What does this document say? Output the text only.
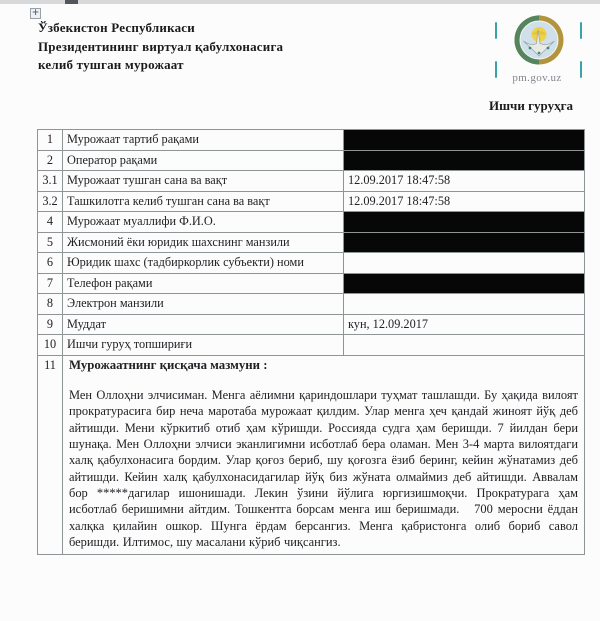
+
Ўзбекистон Республикаси
Президентининг виртуал қабулхонасига
келиб тушган мурожаат
pm.gov.uz
Ишчи гуруҳга
1	Мурожаат тартиб рақами	
2	Оператор рақами	
3.1	Мурожаат тушган сана ва вақт	12.09.2017 18:47:58
3.2	Ташкилотга келиб тушган сана ва вақт	12.09.2017 18:47:58
4	Мурожаат муаллифи Ф.И.О.	
5	Жисмоний ёки юридик шахснинг манзили	
6	Юридик шахс (тадбиркорлик субъекти) номи	
7	Телефон рақами	
8	Электрон манзили	
9	Муддат	кун, 12.09.2017
10	Ишчи гуруҳ топшириғи	
11	Мурожаатнинг қисқача мазмуни :

Мен Оллоҳни элчисиман. Менга аёлимни қариндошлари туҳмат ташлашди. Бу ҳақида вилоят прократурасига бир неча маротаба мурожаат қилдим. Улар менга ҳеч қандай жиноят йўқ деб айтишди. Мени кўркитиб отиб ҳам кўришди. Россияда судга ҳам беришди. 7 йилдан бери шунақа. Мен Оллоҳни элчиси эканлигимни исботлаб бера оламан. Мен 3-4 марта вилоятдаги халқ қабулхонасига бордим. Улар қоғоз бериб, шу қоғозга ёзиб беринг, кейин жўнатамиз деб айтишди. Кейин халқ қабулхонасидагилар йўқ биз жўната олмаймиз деб айтишди. Аввалам бор *****дагилар ишонишади. Лекин ўзини йўлига юргизишмоқчи. Прократурага ҳам исботлаб беришимни айтдим. Тошкентга борсам менга иш беришмади.   700 меросни ёддан халқка қилайин ошкор. Шунга ёрдам берсангиз. Менга қабристонга олиб бориб савол беришди. Илтимос, шу масалани кўриб чиқсангиз.	
